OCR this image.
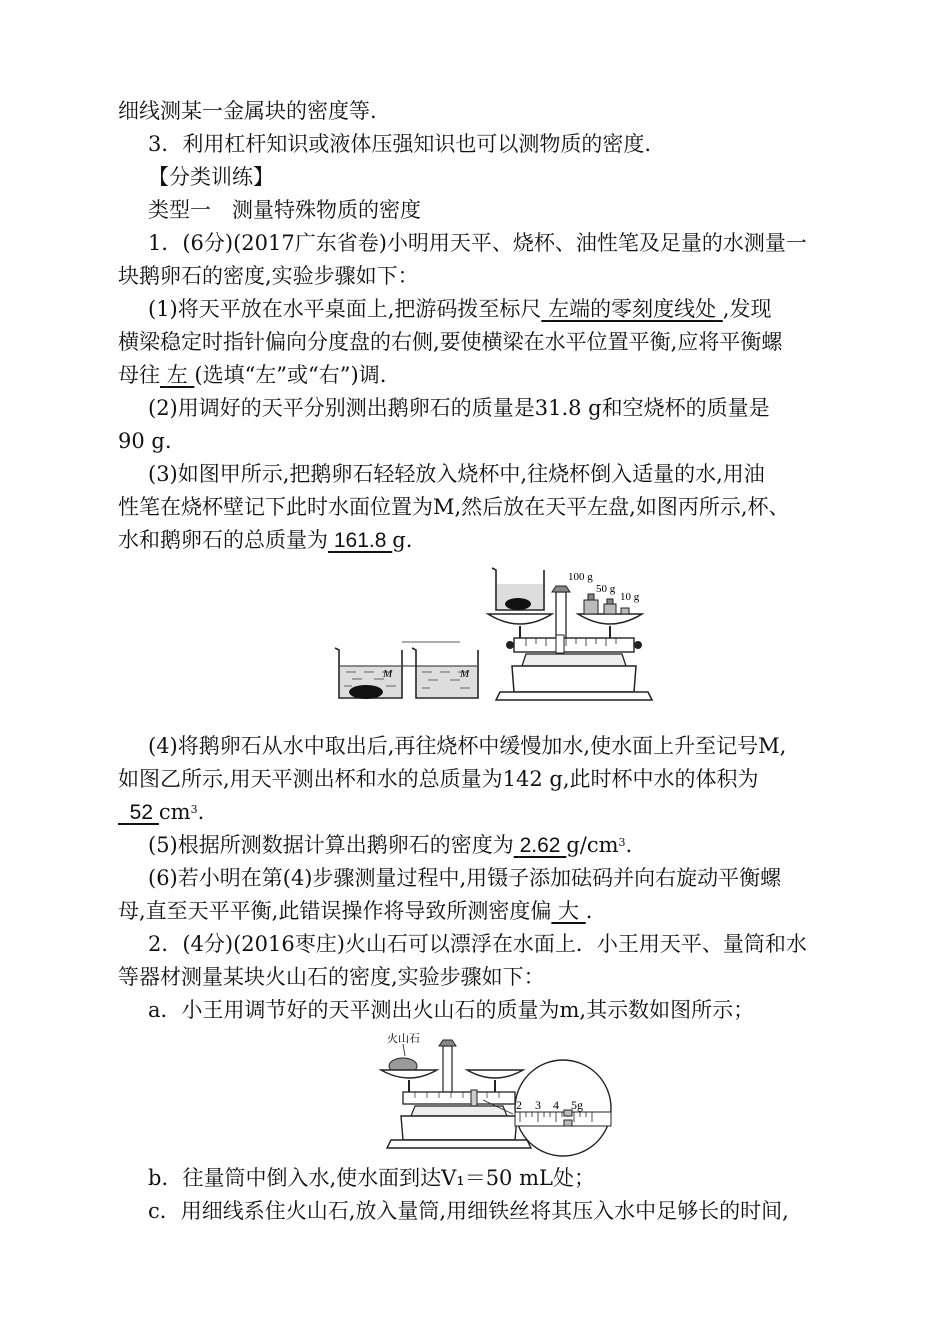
细线测某一金属块的密度等.
3．利用杠杆知识或液体压强知识也可以测物质的密度.
【分类训练】
类型一　测量特殊物质的密度
1．(6分)(2017广东省卷)小明用天平、烧杯、油性笔及足量的水测量一
块鹅卵石的密度,实验步骤如下：
(1)将天平放在水平桌面上,把游码拨至标尺 左端的零刻度线处 ,发现
横梁稳定时指针偏向分度盘的右侧,要使横梁在水平位置平衡,应将平衡螺
母往 左 (选填“左”或“右”)调.
(2)用调好的天平分别测出鹅卵石的质量是31.8 g和空烧杯的质量是
90 g.
(3)如图甲所示,把鹅卵石轻轻放入烧杯中,往烧杯倒入适量的水,用油
性笔在烧杯壁记下此时水面位置为M,然后放在天平左盘,如图丙所示,杯、
水和鹅卵石的总质量为 161.8 g.
M	M
100 g
50 g
10 g
(4)将鹅卵石从水中取出后,再往烧杯中缓慢加水,使水面上升至记号M,
如图乙所示,用天平测出杯和水的总质量为142 g,此时杯中水的体积为
52 $cm^3$.
(5)根据所测数据计算出鹅卵石的密度为 2.62 $g/cm^3$.
(6)若小明在第(4)步骤测量过程中,用镊子添加砝码并向右旋动平衡螺
母,直至天平平衡,此错误操作将导致所测密度偏 大 .
2．(4分)(2016枣庄)火山石可以漂浮在水面上．小王用天平、量筒和水
等器材测量某块火山石的密度,实验步骤如下：
a．小王用调节好的天平测出火山石的质量为m,其示数如图所示；
火山石
2 3 4 5g
b．往量筒中倒入水,使水面到达V₁＝50 mL处；
c．用细线系住火山石,放入量筒,用细铁丝将其压入水中足够长的时间,
